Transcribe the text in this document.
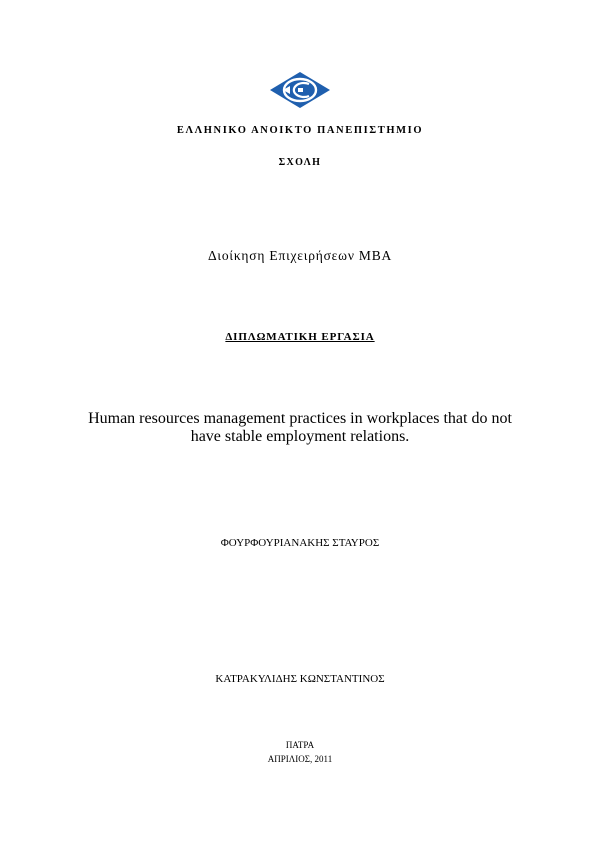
ΕΛΛΗΝΙΚΟ ΑΝΟΙΚΤΟ ΠΑΝΕΠΙΣΤΗΜΙΟ
ΣΧΟΛΗ
Διοίκηση Επιχειρήσεων MBA
ΔΙΠΛΩΜΑΤΙΚΗ ΕΡΓΑΣΙΑ
Human resources management practices in workplaces that do not
have stable employment relations.
ΦΟΥΡΦΟΥΡΙΑΝΑΚΗΣ ΣΤΑΥΡΟΣ
ΚΑΤΡΑΚΥΛΙΔΗΣ ΚΩΝΣΤΑΝΤΙΝΟΣ
ΠΑΤΡΑ
ΑΠΡΙΛΙΟΣ, 2011
